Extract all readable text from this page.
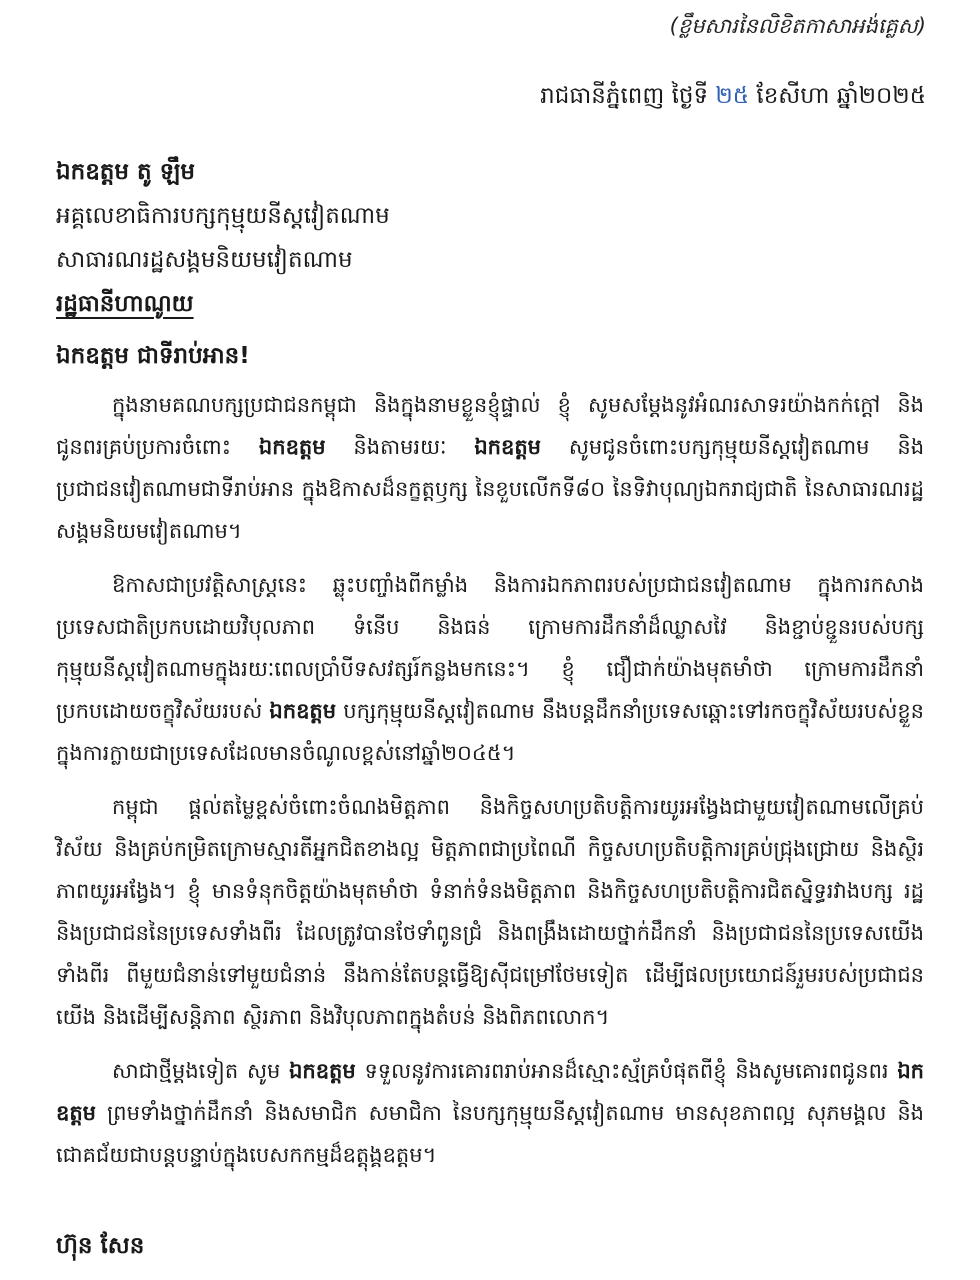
(ខ្លឹមសារនៃលិខិតកាសាអង់គ្លេស)
រាជធានីភ្នំពេញ ថ្ងៃទី ២៥ ខែសីហា ឆ្នាំ២០២៥
ឯកឧត្តម តូ ឡឹម
អគ្គលេខាធិការបក្សកុម្មុយនីស្តវៀតណាម
សាធារណរដ្ឋសង្គមនិយមវៀតណាម
រដ្ឋធានីហាណូយ
ឯកឧត្តម ជាទីរាប់អាន!

ក្នុងនាមគណបក្សប្រជាជនកម្ពុជា និងក្នុងនាមខ្លួនខ្ញុំផ្ទាល់ ខ្ញុំ សូមសម្តែងនូវអំណរសាទរយ៉ាងកក់ក្តៅ និងជូនពរគ្រប់ប្រការចំពោះ ឯកឧត្តម និងតាមរយៈ ឯកឧត្តម សូមជូនចំពោះបក្សកុម្មុយនីស្តវៀតណាម និងប្រជាជនវៀតណាមជាទីរាប់អាន ក្នុងឱកាសដ៏នក្ខត្តឫក្ស នៃខួបលើកទី៨០ នៃទិវាបុណ្យឯករាជ្យជាតិ នៃសាធារណរដ្ឋសង្គមនិយមវៀតណាម។

ឱកាសជាប្រវត្តិសាស្ត្រនេះ ឆ្លុះបញ្ចាំងពីកម្លាំង និងការឯកភាពរបស់ប្រជាជនវៀតណាម ក្នុងការកសាងប្រទេសជាតិប្រកបដោយវិបុលភាព ទំនើប និងធន់ ក្រោមការដឹកនាំដ៏ឈ្លាសវៃ និងខ្ជាប់ខ្ជួនរបស់បក្សកុម្មុយនីស្តវៀតណាមក្នុងរយៈពេលប្រាំបីទសវត្សរ៍កន្លងមកនេះ។ ខ្ញុំ ជឿជាក់យ៉ាងមុតមាំថា ក្រោមការដឹកនាំប្រកបដោយចក្ខុវិស័យរបស់ ឯកឧត្តម បក្សកុម្មុយនីស្តវៀតណាម នឹងបន្តដឹកនាំប្រទេសឆ្ពោះទៅរកចក្ខុវិស័យរបស់ខ្លួន ក្នុងការក្លាយជាប្រទេសដែលមានចំណូលខ្ពស់នៅឆ្នាំ២០៤៥។

កម្ពុជា ផ្តល់តម្លៃខ្ពស់ចំពោះចំណងមិត្តភាព និងកិច្ចសហប្រតិបត្តិការយូរអង្វែងជាមួយវៀតណាមលើគ្រប់វិស័យ និងគ្រប់កម្រិតក្រោមស្មារតីអ្នកជិតខាងល្អ មិត្តភាពជាប្រពៃណី កិច្ចសហប្រតិបត្តិការគ្រប់ជ្រុងជ្រោយ និងស្ថិរភាពយូរអង្វែង។ ខ្ញុំ មានទំនុកចិត្តយ៉ាងមុតមាំថា ទំនាក់ទំនងមិត្តភាព និងកិច្ចសហប្រតិបត្តិការជិតស្និទ្ធរវាងបក្ស រដ្ឋ និងប្រជាជននៃប្រទេសទាំងពីរ ដែលត្រូវបានថែទាំពូនជ្រំ និងពង្រឹងដោយថ្នាក់ដឹកនាំ និងប្រជាជននៃប្រទេសយើងទាំងពីរ ពីមួយជំនាន់ទៅមួយជំនាន់ នឹងកាន់តែបន្តធ្វើឱ្យស៊ីជម្រៅថែមទៀត ដើម្បីផលប្រយោជន៍រួមរបស់ប្រជាជនយើង និងដើម្បីសន្តិភាព ស្ថិរភាព និងវិបុលភាពក្នុងតំបន់ និងពិភពលោក។

សាជាថ្មីម្តងទៀត សូម ឯកឧត្តម ទទួលនូវការគោរពរាប់អានដ៏ស្មោះស្ម័គ្របំផុតពីខ្ញុំ និងសូមគោរពជូនពរ ឯកឧត្តម ព្រមទាំងថ្នាក់ដឹកនាំ និងសមាជិក សមាជិកា នៃបក្សកុម្មុយនីស្តវៀតណាម មានសុខភាពល្អ សុភមង្គល និងជោគជ័យជាបន្តបន្ទាប់ក្នុងបេសកកម្មដ៏ឧត្តុង្គឧត្តម។

ហ៊ុន សែន
